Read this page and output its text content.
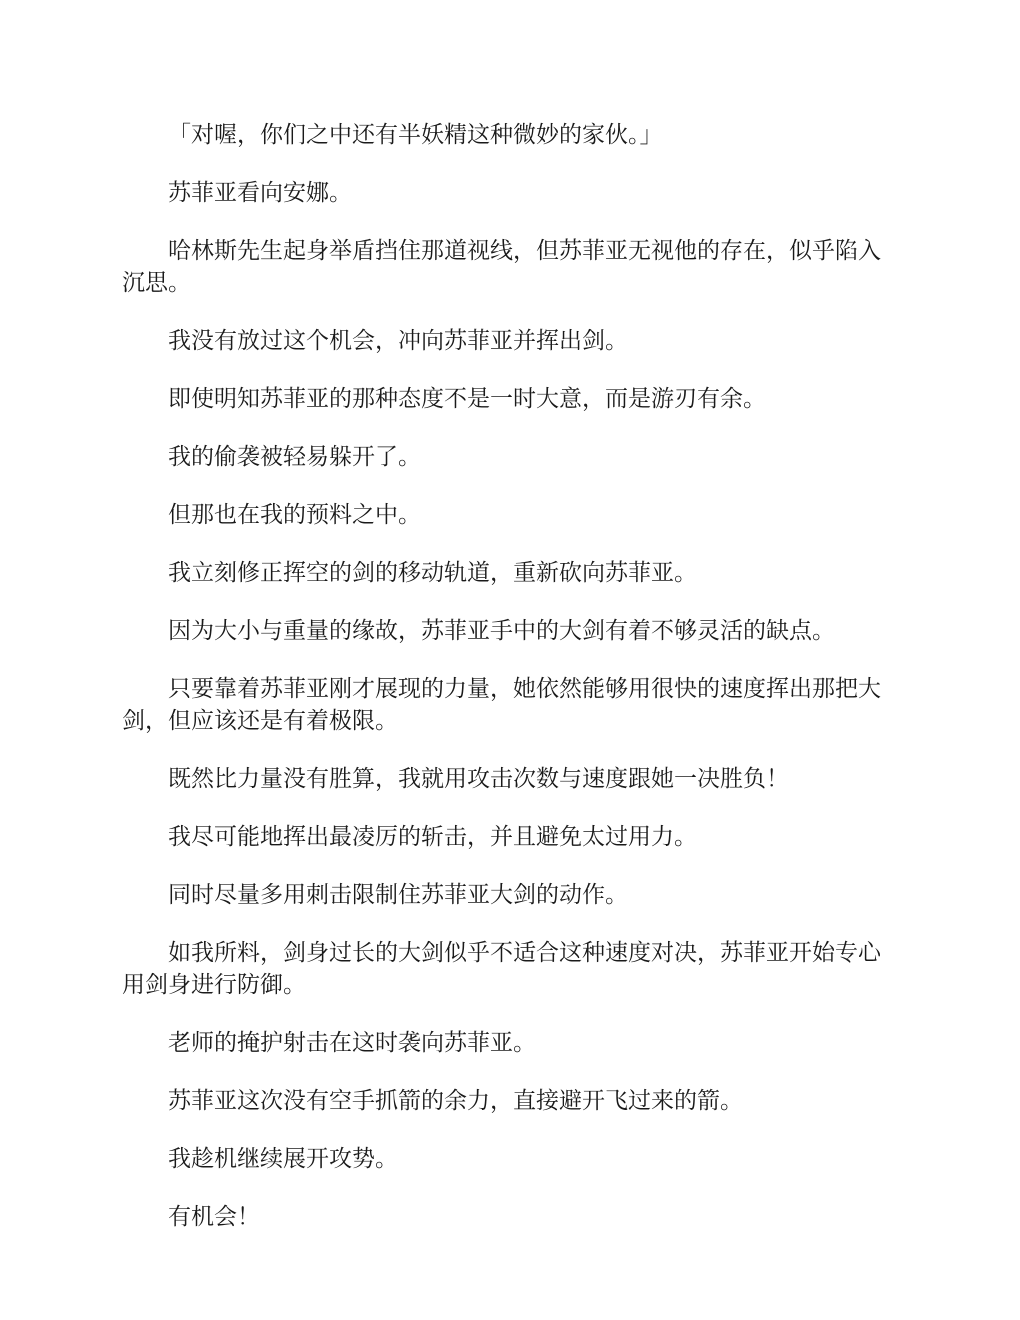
「对喔，你们之中还有半妖精这种微妙的家伙。」

苏菲亚看向安娜。

哈林斯先生起身举盾挡住那道视线，但苏菲亚无视他的存在，似乎陷入沉思。

我没有放过这个机会，冲向苏菲亚并挥出剑。

即使明知苏菲亚的那种态度不是一时大意，而是游刃有余。

我的偷袭被轻易躲开了。

但那也在我的预料之中。

我立刻修正挥空的剑的移动轨道，重新砍向苏菲亚。

因为大小与重量的缘故，苏菲亚手中的大剑有着不够灵活的缺点。

只要靠着苏菲亚刚才展现的力量，她依然能够用很快的速度挥出那把大剑，但应该还是有着极限。

既然比力量没有胜算，我就用攻击次数与速度跟她一决胜负！

我尽可能地挥出最凌厉的斩击，并且避免太过用力。

同时尽量多用刺击限制住苏菲亚大剑的动作。

如我所料，剑身过长的大剑似乎不适合这种速度对决，苏菲亚开始专心用剑身进行防御。

老师的掩护射击在这时袭向苏菲亚。

苏菲亚这次没有空手抓箭的余力，直接避开飞过来的箭。

我趁机继续展开攻势。

有机会！
